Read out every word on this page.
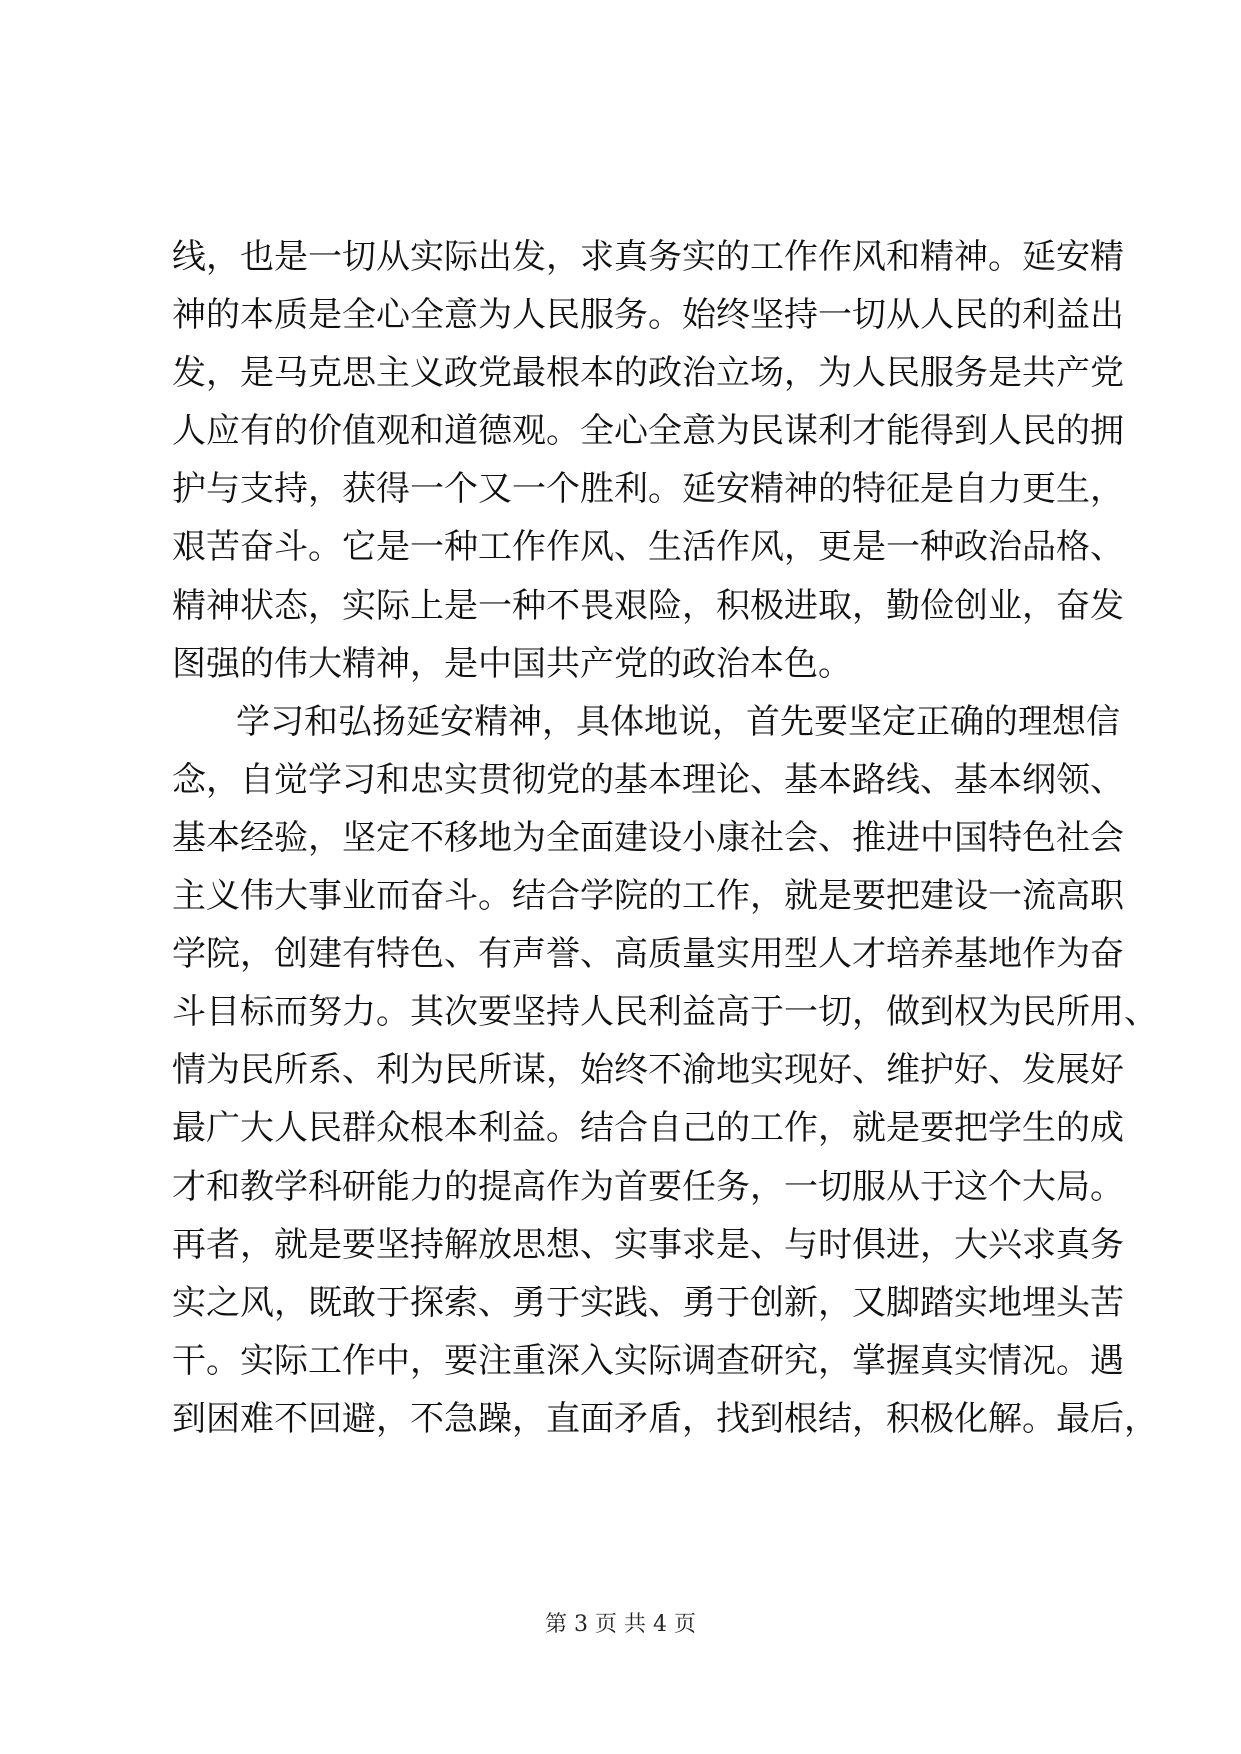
线，也是一切从实际出发，求真务实的工作作风和精神。延安精
神的本质是全心全意为人民服务。始终坚持一切从人民的利益出
发，是马克思主义政党最根本的政治立场，为人民服务是共产党
人应有的价值观和道德观。全心全意为民谋利才能得到人民的拥
护与支持，获得一个又一个胜利。延安精神的特征是自力更生，
艰苦奋斗。它是一种工作作风、生活作风，更是一种政治品格、
精神状态，实际上是一种不畏艰险，积极进取，勤俭创业，奋发
图强的伟大精神，是中国共产党的政治本色。
学习和弘扬延安精神，具体地说，首先要坚定正确的理想信
念，自觉学习和忠实贯彻党的基本理论、基本路线、基本纲领、
基本经验，坚定不移地为全面建设小康社会、推进中国特色社会
主义伟大事业而奋斗。结合学院的工作，就是要把建设一流高职
学院，创建有特色、有声誉、高质量实用型人才培养基地作为奋
斗目标而努力。其次要坚持人民利益高于一切，做到权为民所用、
情为民所系、利为民所谋，始终不渝地实现好、维护好、发展好
最广大人民群众根本利益。结合自己的工作，就是要把学生的成
才和教学科研能力的提高作为首要任务，一切服从于这个大局。
再者，就是要坚持解放思想、实事求是、与时俱进，大兴求真务
实之风，既敢于探索、勇于实践、勇于创新，又脚踏实地埋头苦
干。实际工作中，要注重深入实际调查研究，掌握真实情况。遇
到困难不回避，不急躁，直面矛盾，找到根结，积极化解。最后，
第 3 页 共 4 页
